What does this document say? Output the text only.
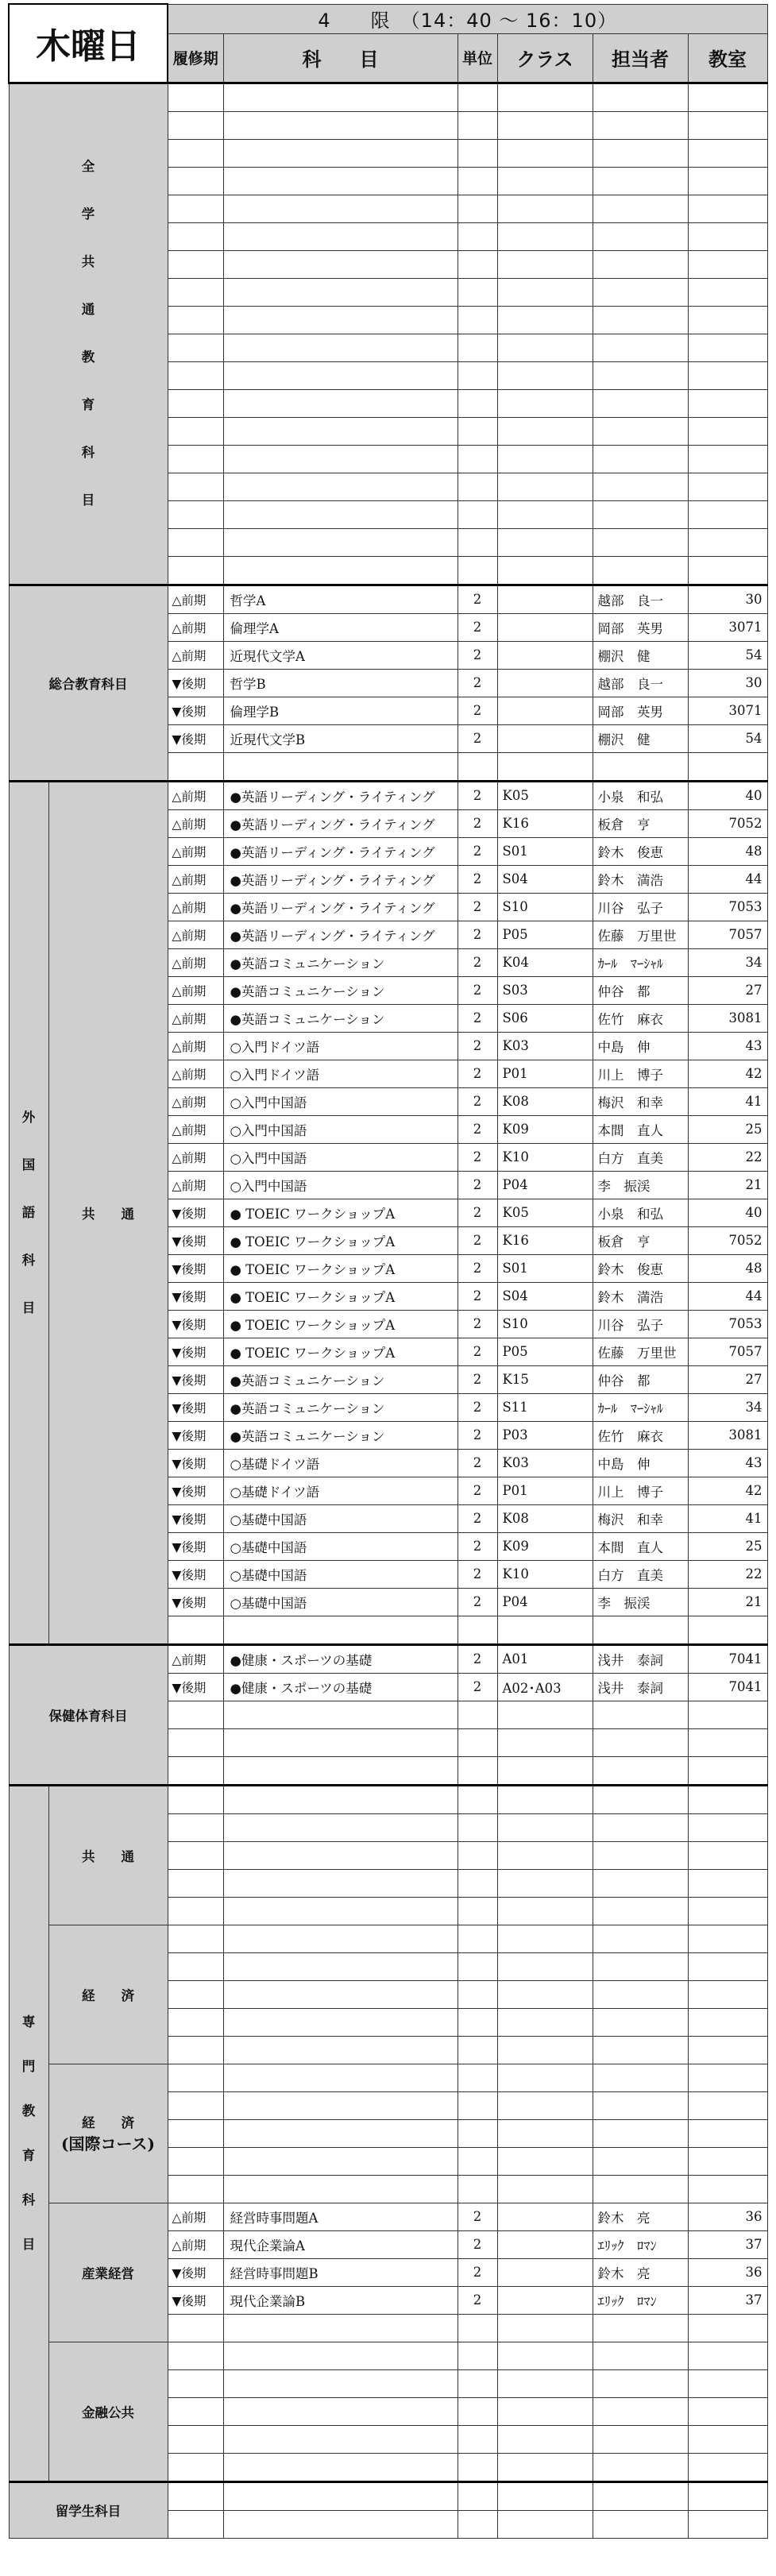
木曜日		4　　限　（14：40 ～ 16：10）					
		履修期	科　　目	単位	クラス	担当者	教室
全学共通教育科目							

総合教育科目		△前期	哲学A	2		越部　良一	30
		△前期	倫理学A	2		岡部　英男	3071
		△前期	近現代文学A	2		棚沢　健	54
		▼後期	哲学B	2		越部　良一	30
		▼後期	倫理学B	2		岡部　英男	3071
		▼後期	近現代文学B	2		棚沢　健	54

外国語科目	共　　通	△前期	●英語リーディング・ライティング	2	K05	小泉　和弘	40
		△前期	●英語リーディング・ライティング	2	K16	板倉　亨	7052
		△前期	●英語リーディング・ライティング	2	S01	鈴木　俊恵	48
		△前期	●英語リーディング・ライティング	2	S04	鈴木　満浩	44
		△前期	●英語リーディング・ライティング	2	S10	川谷　弘子	7053
		△前期	●英語リーディング・ライティング	2	P05	佐藤　万里世	7057
		△前期	●英語コミュニケーション	2	K04	ｶｰﾙ　ﾏｰｼｬﾙ	34
		△前期	●英語コミュニケーション	2	S03	仲谷　都	27
		△前期	●英語コミュニケーション	2	S06	佐竹　麻衣	3081
		△前期	○入門ドイツ語	2	K03	中島　伸	43
		△前期	○入門ドイツ語	2	P01	川上　博子	42
		△前期	○入門中国語	2	K08	梅沢　和幸	41
		△前期	○入門中国語	2	K09	本間　直人	25
		△前期	○入門中国語	2	K10	白方　直美	22
		△前期	○入門中国語	2	P04	李　振渓	21
		▼後期	● TOEIC ワークショップA	2	K05	小泉　和弘	40
		▼後期	● TOEIC ワークショップA	2	K16	板倉　亨	7052
		▼後期	● TOEIC ワークショップA	2	S01	鈴木　俊恵	48
		▼後期	● TOEIC ワークショップA	2	S04	鈴木　満浩	44
		▼後期	● TOEIC ワークショップA	2	S10	川谷　弘子	7053
		▼後期	● TOEIC ワークショップA	2	P05	佐藤　万里世	7057
		▼後期	●英語コミュニケーション	2	K15	仲谷　都	27
		▼後期	●英語コミュニケーション	2	S11	ｶｰﾙ　ﾏｰｼｬﾙ	34
		▼後期	●英語コミュニケーション	2	P03	佐竹　麻衣	3081
		▼後期	○基礎ドイツ語	2	K03	中島　伸	43
		▼後期	○基礎ドイツ語	2	P01	川上　博子	42
		▼後期	○基礎中国語	2	K08	梅沢　和幸	41
		▼後期	○基礎中国語	2	K09	本間　直人	25
		▼後期	○基礎中国語	2	K10	白方　直美	22
		▼後期	○基礎中国語	2	P04	李　振渓	21

保健体育科目		△前期	●健康・スポーツの基礎	2	A01	浅井　泰詞	7041
		▼後期	●健康・スポーツの基礎	2	A02･A03	浅井　泰詞	7041

専門教育科目	共　　通						

	経　　済						

	経　　済
(国際コース)						

	産業経営	△前期	経営時事問題A	2		鈴木　亮	36
		△前期	現代企業論A	2		ｴﾘｯｸ　ﾛﾏﾝ	37
		▼後期	経営時事問題B	2		鈴木　亮	36
		▼後期	現代企業論B	2		ｴﾘｯｸ　ﾛﾏﾝ	37

	金融公共						

留学生科目							
